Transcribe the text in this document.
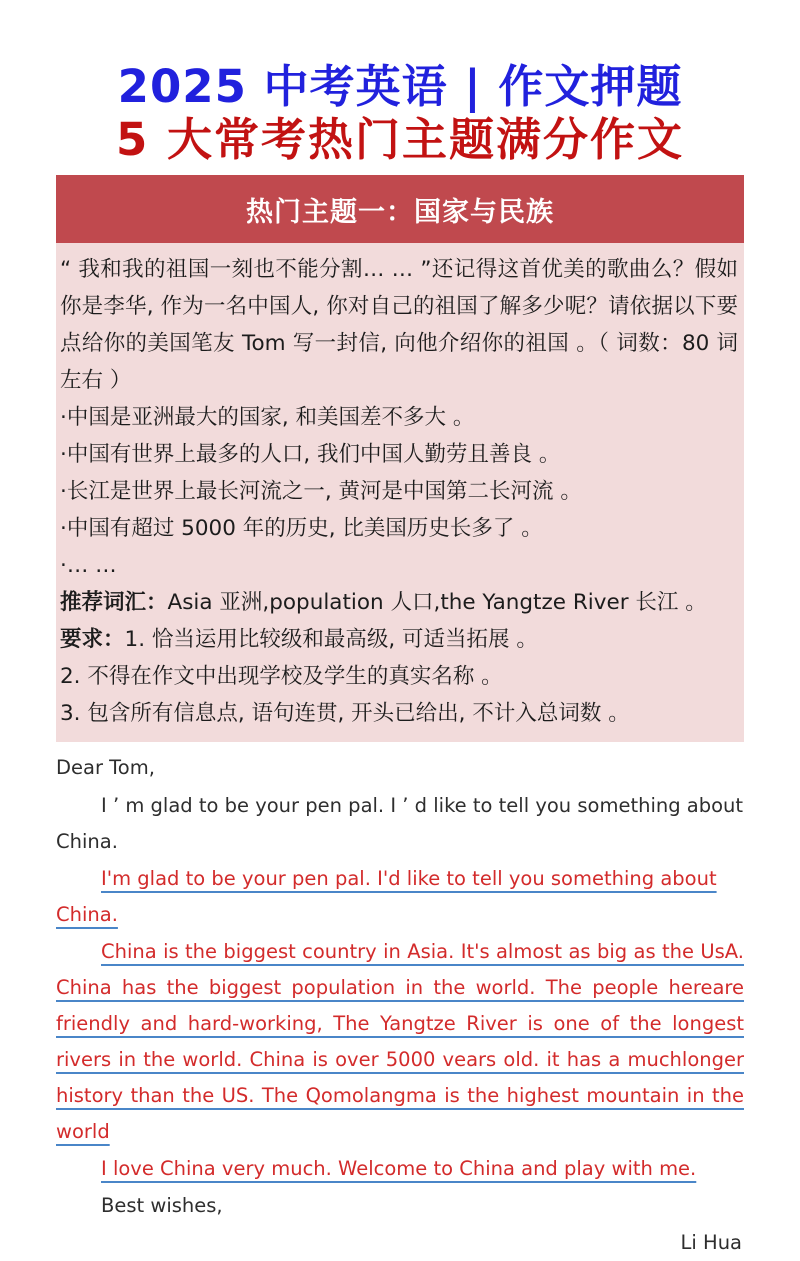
2025 中考英语 | 作文押题
5 大常考热门主题满分作文
热门主题一：国家与民族
“ 我和我的祖国一刻也不能分割… … ”还记得这首优美的歌曲么？假如你是李华, 作为一名中国人, 你对自己的祖国了解多少呢？请依据以下要点给你的美国笔友 Tom 写一封信, 向他介绍你的祖国 。（ 词数：80 词左右 ）
·中国是亚洲最大的国家, 和美国差不多大 。
·中国有世界上最多的人口, 我们中国人勤劳且善良 。
·长江是世界上最长河流之一, 黄河是中国第二长河流 。
·中国有超过 5000 年的历史, 比美国历史长多了 。
·… …
推荐词汇：Asia 亚洲,population 人口,the Yangtze River 长江 。
要求：1. 恰当运用比较级和最高级, 可适当拓展 。
2. 不得在作文中出现学校及学生的真实名称 。
3. 包含所有信息点, 语句连贯, 开头已给出, 不计入总词数 。
Dear Tom,
I ’ m glad to be your pen pal. I ’ d like to tell you something about China.
I'm glad to be your pen pal. I'd like to tell you something about China.
China is the biggest country in Asia. It's almost as big as the UsA. China has the biggest population in the world. The people hereare friendly and hard-working, The Yangtze River is one of the longest rivers in the world. China is over 5000 vears old. it has a muchlonger history than the US. The Qomolangma is the highest mountain in the world
I love China very much. Welcome to China and play with me.
Best wishes,
Li Hua
